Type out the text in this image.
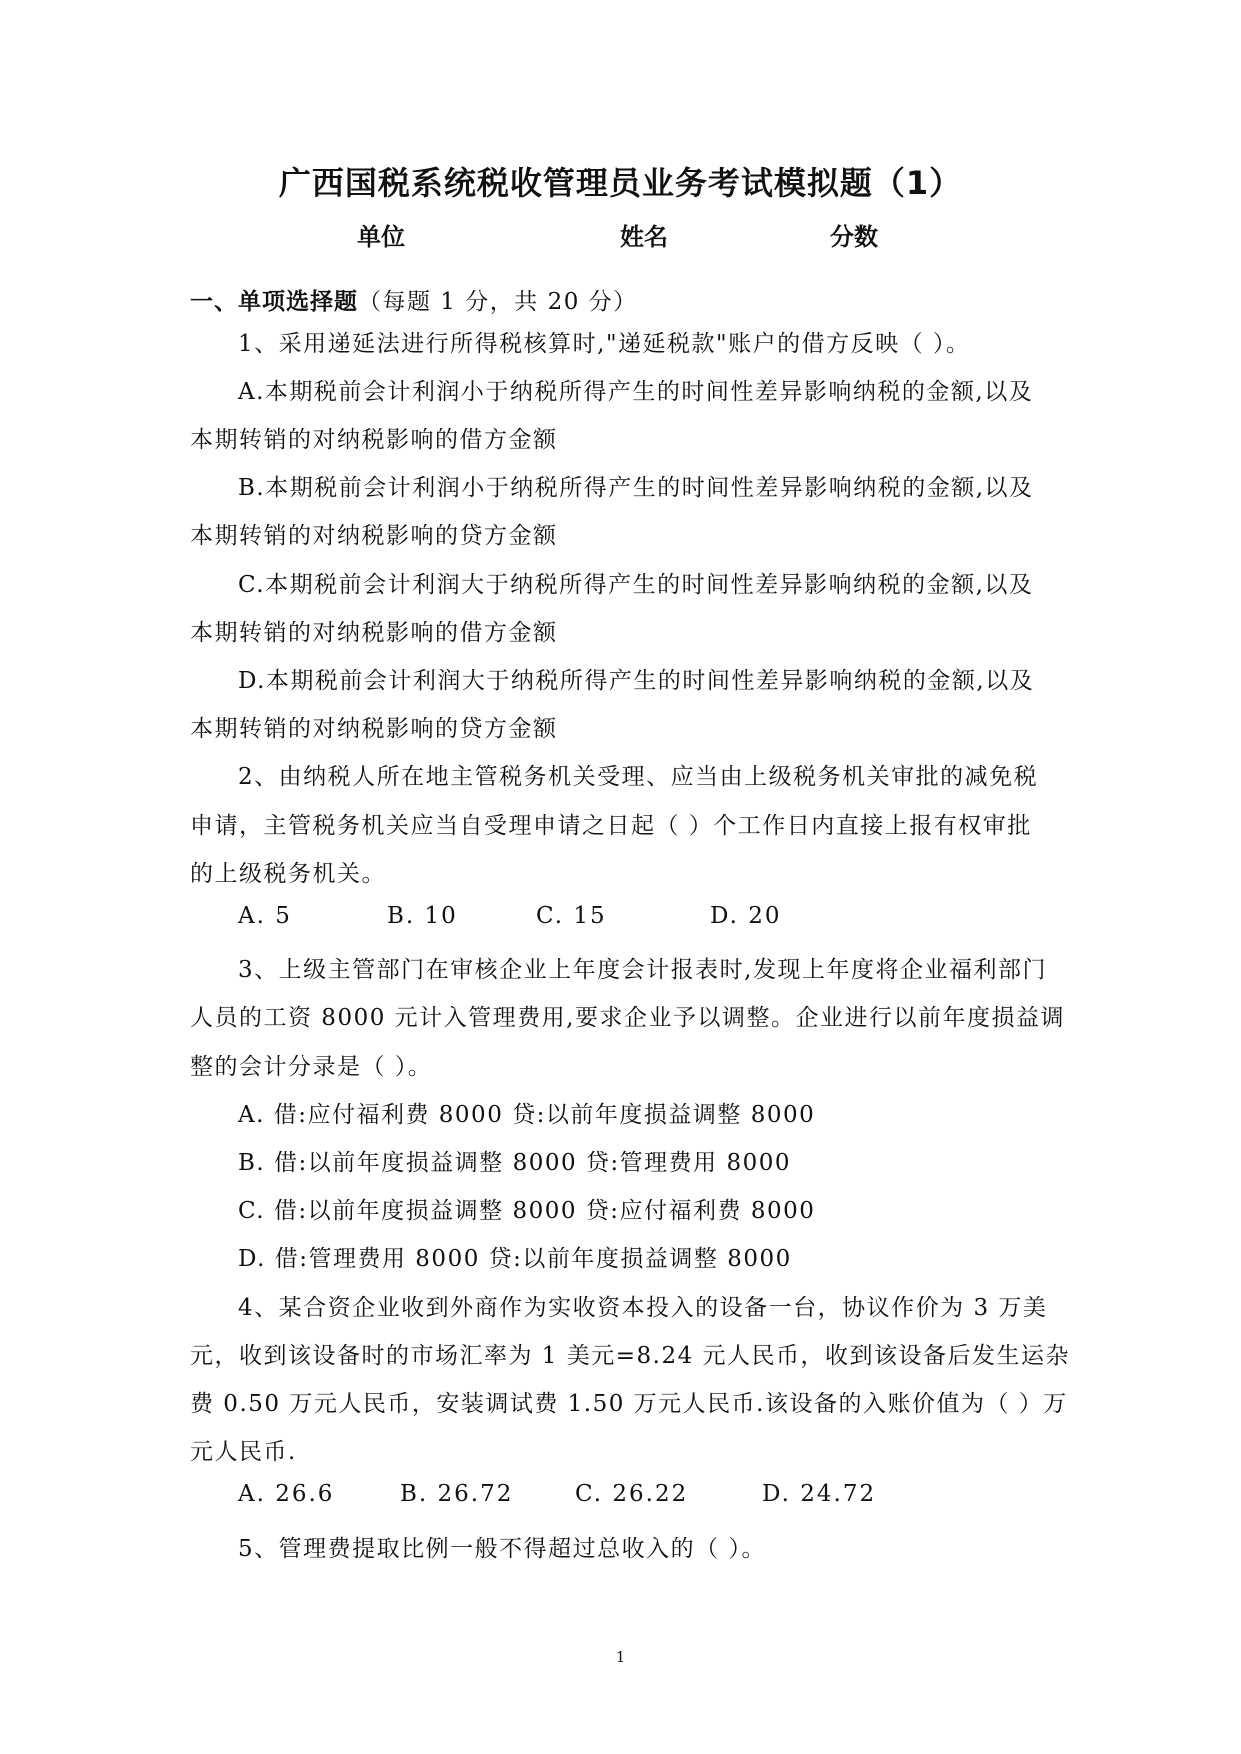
广西国税系统税收管理员业务考试模拟题（1）
单位	姓名	分数
一、单项选择题（每题 1 分，共 20 分）
1、采用递延法进行所得税核算时,"递延税款"账户的借方反映（ ）。
A.本期税前会计利润小于纳税所得产生的时间性差异影响纳税的金额,以及
本期转销的对纳税影响的借方金额
B.本期税前会计利润小于纳税所得产生的时间性差异影响纳税的金额,以及
本期转销的对纳税影响的贷方金额
C.本期税前会计利润大于纳税所得产生的时间性差异影响纳税的金额,以及
本期转销的对纳税影响的借方金额
D.本期税前会计利润大于纳税所得产生的时间性差异影响纳税的金额,以及
本期转销的对纳税影响的贷方金额
2、由纳税人所在地主管税务机关受理、应当由上级税务机关审批的减免税
申请，主管税务机关应当自受理申请之日起（ ）个工作日内直接上报有权审批
的上级税务机关。
A. 5	B. 10	C. 15	D. 20
3、上级主管部门在审核企业上年度会计报表时,发现上年度将企业福利部门
人员的工资 8000 元计入管理费用,要求企业予以调整。企业进行以前年度损益调
整的会计分录是（ ）。
A. 借:应付福利费 8000 贷:以前年度损益调整 8000
B. 借:以前年度损益调整 8000 贷:管理费用 8000
C. 借:以前年度损益调整 8000 贷:应付福利费 8000
D. 借:管理费用 8000 贷:以前年度损益调整 8000
4、某合资企业收到外商作为实收资本投入的设备一台，协议作价为 3 万美
元，收到该设备时的市场汇率为 1 美元=8.24 元人民币，收到该设备后发生运杂
费 0.50 万元人民币，安装调试费 1.50 万元人民币.该设备的入账价值为（ ）万
元人民币.
A. 26.6	B. 26.72	C. 26.22	D. 24.72
5、管理费提取比例一般不得超过总收入的（ ）。
1
